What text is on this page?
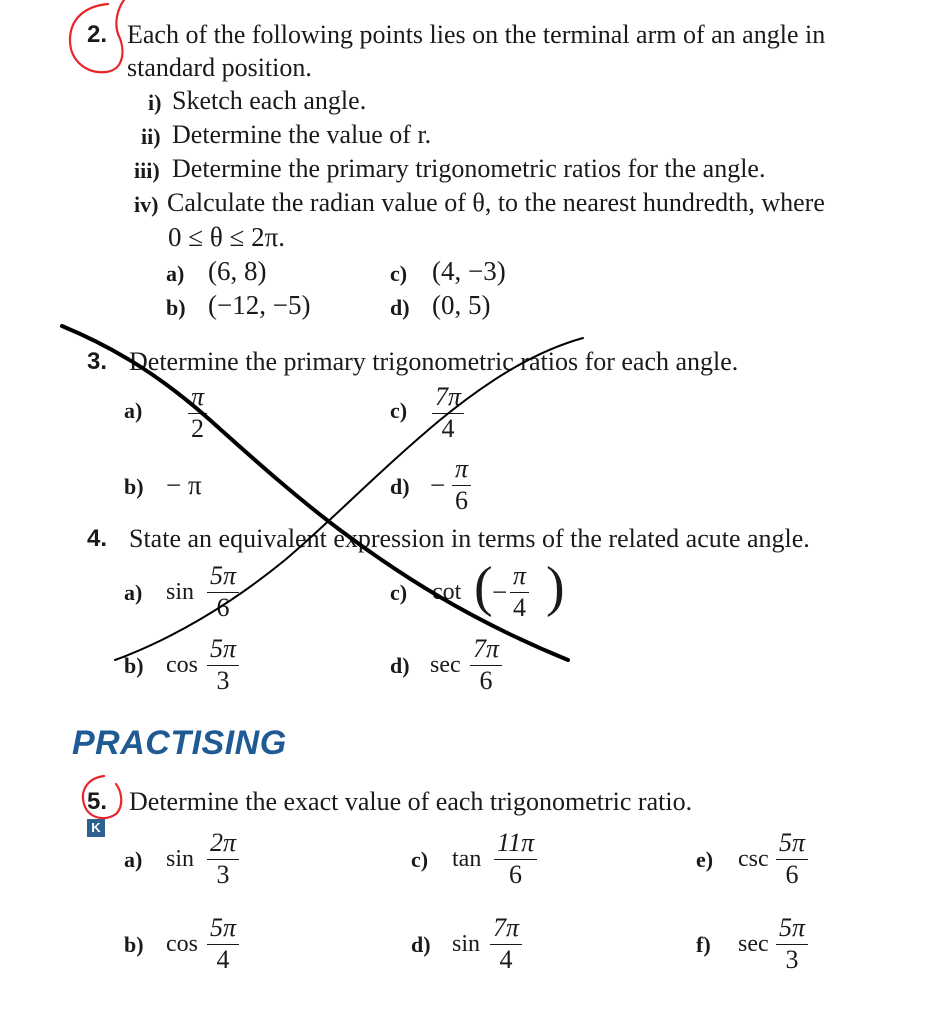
2. Each of the following points lies on the terminal arm of an angle in
standard position.
i) Sketch each angle.
ii) Determine the value of r.
iii) Determine the primary trigonometric ratios for the angle.
iv) Calculate the radian value of θ, to the nearest hundredth, where
0 ≤ θ ≤ 2π.
a) (6, 8)
b) (−12, −5)
c) (4, −3)
d) (0, 5)
3. Determine the primary trigonometric ratios for each angle.
a) π
2
b) − π
c) 7π
4
d) −
π
6
4. State an equivalent expression in terms of the related acute angle.
a) sin
5π
6
b) cos
5π
3
c) cot ( −
π
4 )
d) sec
7π
6
PRACTISING
5. Determine the exact value of each trigonometric ratio.
K
a) sin
2π
3
b) cos
5π
4
c) tan
11π
6
d) sin
7π
4
e) csc
5π
6
f) sec
5π
3
